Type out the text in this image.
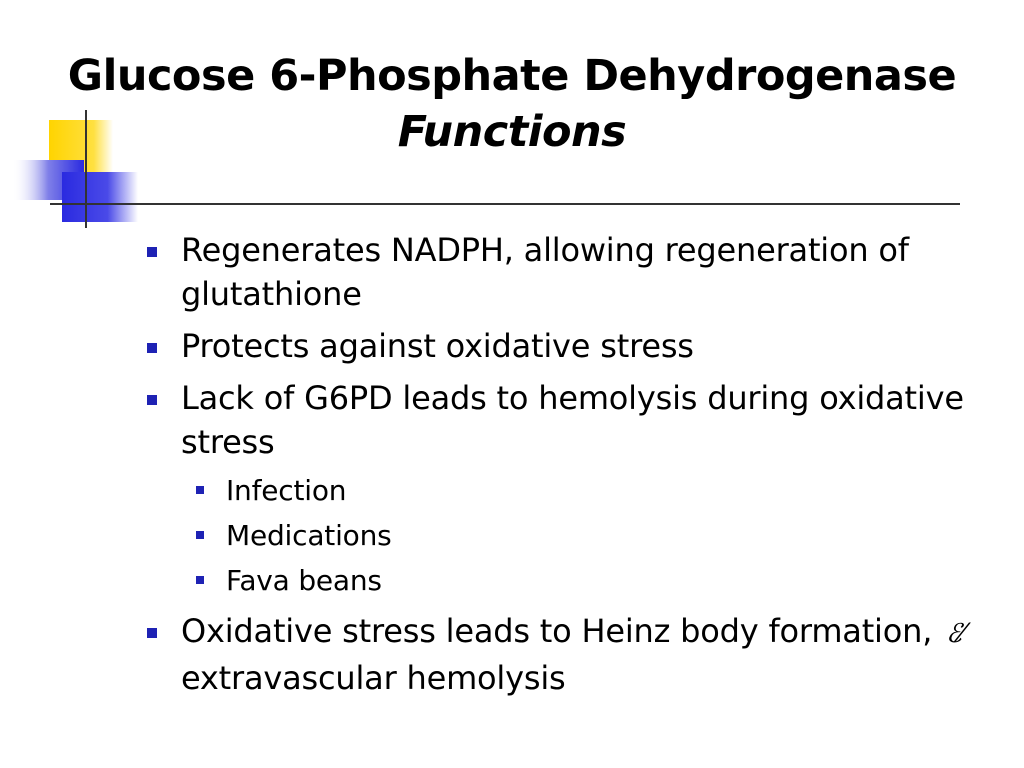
Glucose 6-Phosphate Dehydrogenase
Functions
Regenerates NADPH, allowing regeneration of glutathione
Protects against oxidative stress
Lack of G6PD leads to hemolysis during oxidative stress
Infection
Medications
Fava beans
Oxidative stress leads to Heinz body formation, ℰ⁄ extravascular hemolysis
